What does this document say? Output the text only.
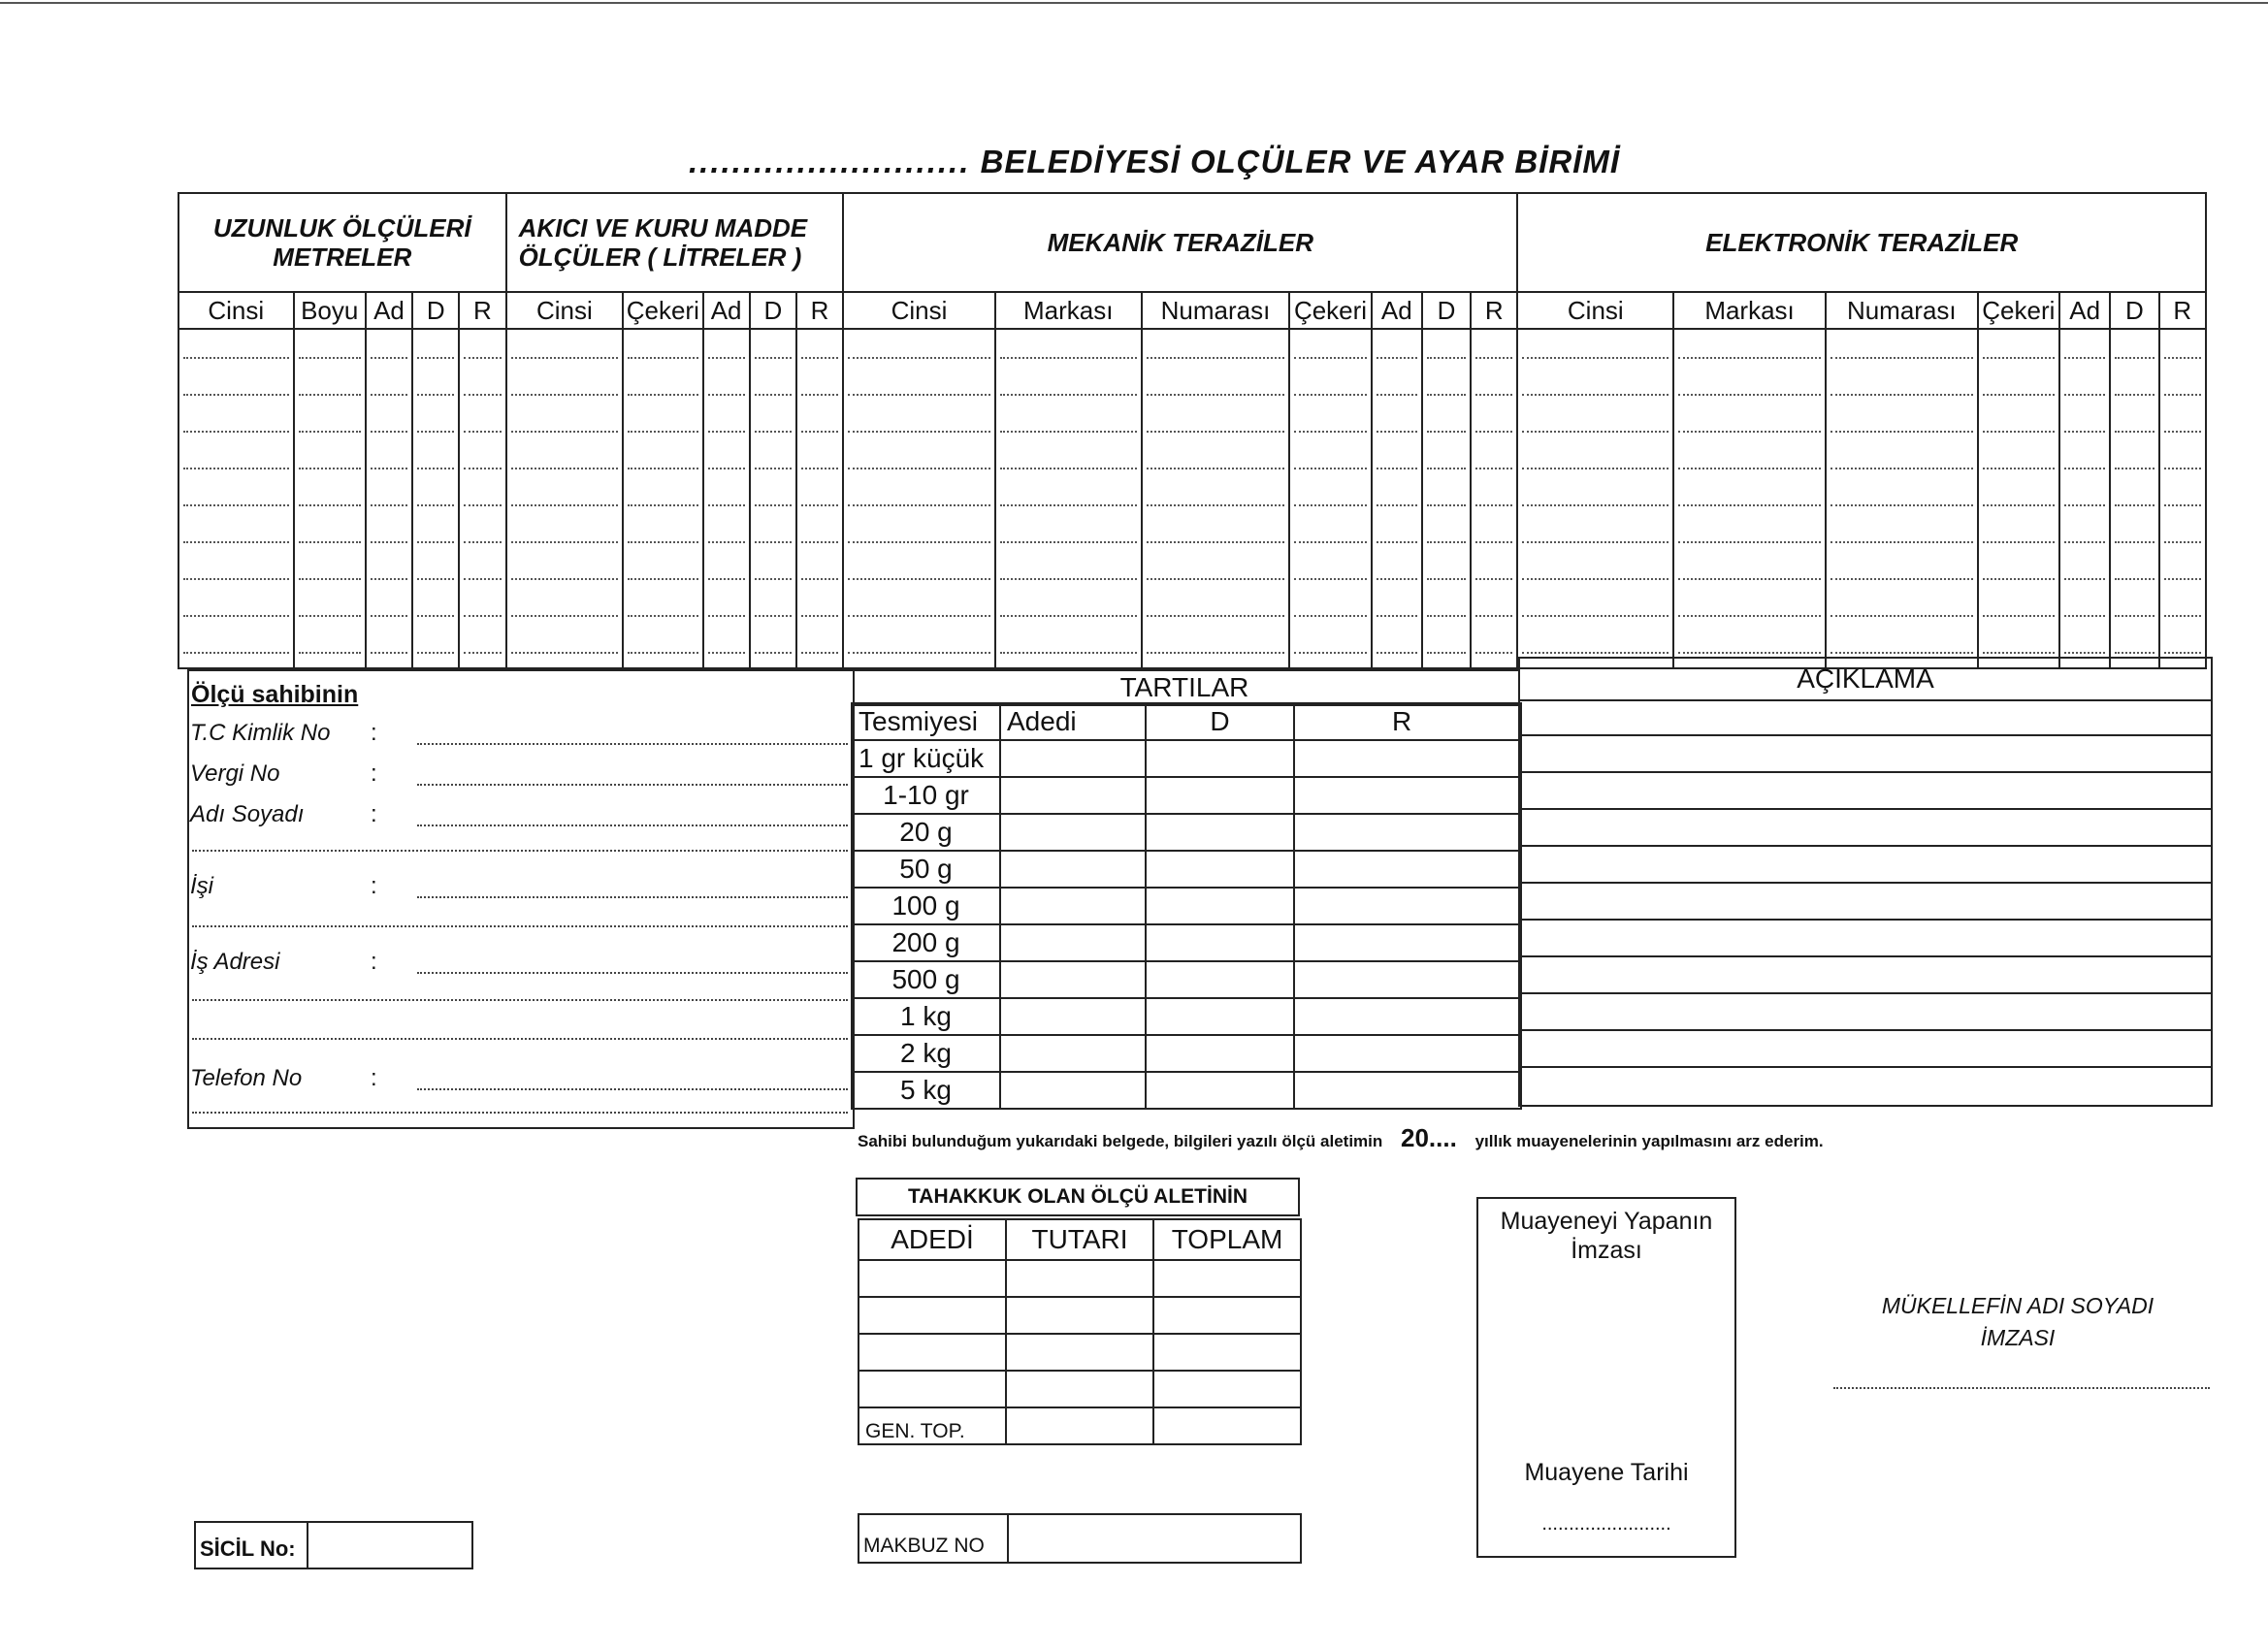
.......................... BELEDİYESİ OLÇÜLER VE AYAR BİRİMİ
UZUNLUK ÖLÇÜLERİ METRELER					AKICI VE KURU MADDE ÖLÇÜLER ( LİTRELER )					MEKANİK TERAZİLER							ELEKTRONİK TERAZİLER						
Cinsi	Boyu	Ad	D	R	Cinsi	Çekeri	Ad	D	R	Cinsi	Markası	Numarası	Çekeri	Ad	D	R	Cinsi	Markası	Numarası	Çekeri	Ad	D	R

Ölçü sahibinin
T.C Kimlik No :
Vergi No	:
Adı Soyadı	:
İşi	:
İş Adresi	:
Telefon No	:
TARTILAR
Tesmiyesi	Adedi	D	R
1 gr küçük			
1-10 gr			
20 g			
50 g			
100 g			
200 g			
500 g			
1 kg			
2 kg			
5 kg			
AÇIKLAMA
Sahibi bulunduğum yukarıdaki belgede, bilgileri yazılı ölçü aletimin 20.... yıllık muayenelerinin yapılmasını arz ederim.
TAHAKKUK OLAN ÖLÇÜ ALETİNİN
ADEDİ	TUTARI	TOPLAM

GEN. TOP.		
MAKBUZ NO
SİCİL No:
Muayeneyi Yapanın İmzası
Muayene Tarihi
........................
MÜKELLEFİN ADI SOYADI
İMZASI
